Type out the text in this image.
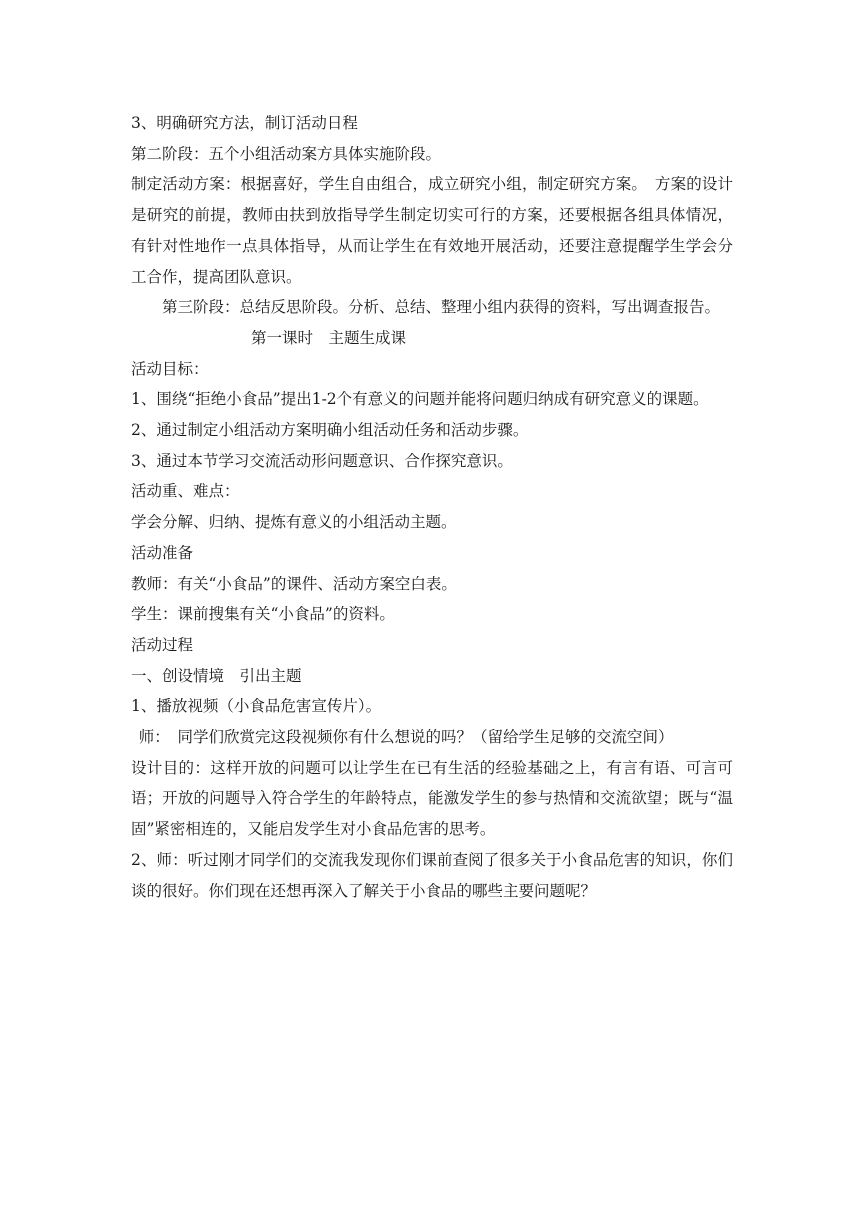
3、明确研究方法，制订活动日程

第二阶段：五个小组活动案方具体实施阶段。

制定活动方案：根据喜好，学生自由组合，成立研究小组，制定研究方案。　方案的设计是研究的前提，教师由扶到放指导学生制定切实可行的方案，还要根据各组具体情况，有针对性地作一点具体指导，从而让学生在有效地开展活动，还要注意提醒学生学会分工合作，提高团队意识。

第三阶段：总结反思阶段。分析、总结、整理小组内获得的资料，写出调查报告。

第一课时　主题生成课

活动目标：

1、围绕“拒绝小食品”提出1-2个有意义的问题并能将问题归纳成有研究意义的课题。

2、通过制定小组活动方案明确小组活动任务和活动步骤。

3、通过本节学习交流活动形问题意识、合作探究意识。

活动重、难点：

学会分解、归纳、提炼有意义的小组活动主题。

活动准备

教师：有关“小食品”的课件、活动方案空白表。

学生：课前搜集有关“小食品”的资料。

活动过程

一、创设情境　引出主题

1、播放视频（小食品危害宣传片）。

师：　同学们欣赏完这段视频你有什么想说的吗？（留给学生足够的交流空间）

设计目的：这样开放的问题可以让学生在已有生活的经验基础之上，有言有语、可言可语；开放的问题导入符合学生的年龄特点，能激发学生的参与热情和交流欲望；既与“温固”紧密相连的，又能启发学生对小食品危害的思考。

2、师：听过刚才同学们的交流我发现你们课前查阅了很多关于小食品危害的知识，你们谈的很好。你们现在还想再深入了解关于小食品的哪些主要问题呢？
